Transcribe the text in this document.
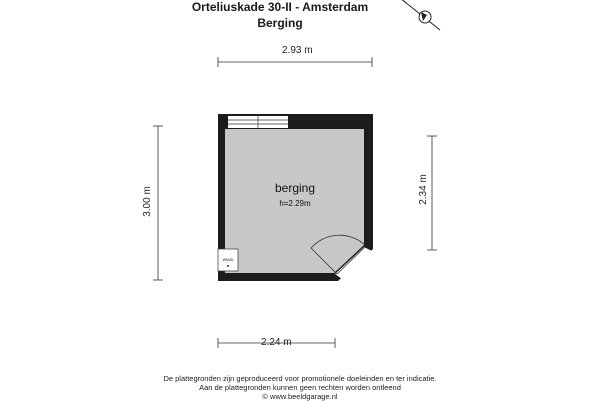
Orteliuskade 30-II - Amsterdam
Berging
2.93 m
3.00 m	2.34 m
2.24 m
berging
h=2.29m
WM/D
De plattegronden zijn geproduceerd voor promotionele doeleinden en ter indicatie.
Aan de plattegronden kunnen geen rechten worden ontleend
© www.beeldgarage.nl
